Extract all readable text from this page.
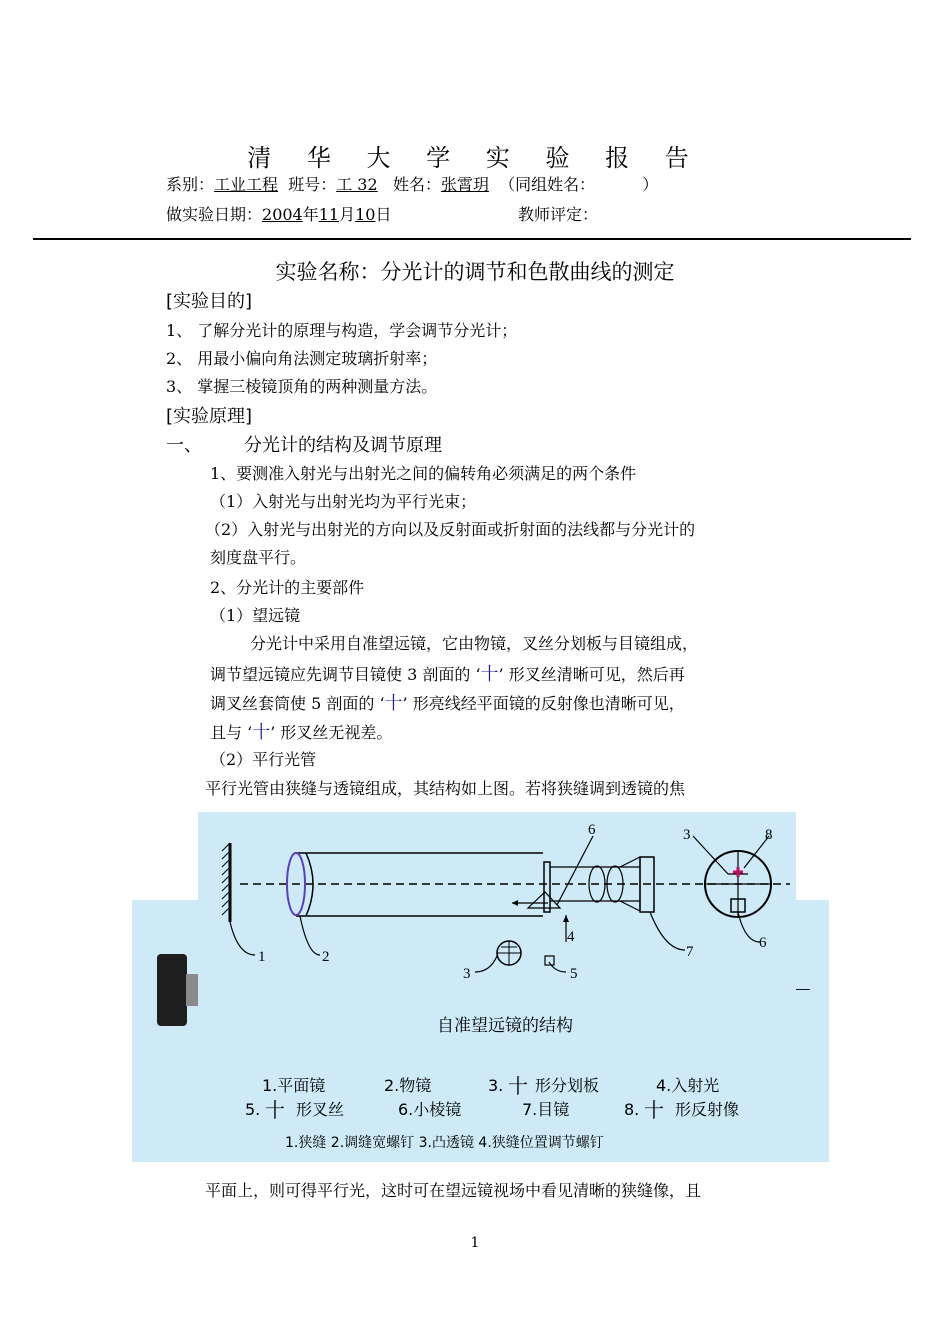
清 华 大 学 实 验 报 告
系别：工业工程 班号：工 32 姓名：张霄玥 （同组姓名：	）
做实验日期：2004年11月10日	教师评定：
实验名称：分光计的调节和色散曲线的测定
[实验目的]
1、 了解分光计的原理与构造，学会调节分光计；
2、 用最小偏向角法测定玻璃折射率；
3、 掌握三棱镜顶角的两种测量方法。
[实验原理]
一、 分光计的结构及调节原理
1、要测准入射光与出射光之间的偏转角必须满足的两个条件
（1）入射光与出射光均为平行光束；
（2）入射光与出射光的方向以及反射面或折射面的法线都与分光计的
刻度盘平行。
2、分光计的主要部件
（1）望远镜
分光计中采用自准望远镜，它由物镜，叉丝分划板与目镜组成，
调节望远镜应先调节目镜使 3 剖面的 ‘十’ 形叉丝清晰可见，然后再
调叉丝套筒使 5 剖面的 ‘十’ 形亮线经平面镜的反射像也清晰可见，
且与 ‘十’ 形叉丝无视差。
（2）平行光管
平行光管由狭缝与透镜组成，其结构如上图。若将狭缝调到透镜的焦
1	2
3
4
5
6
7
3	8
6
—
自准望远镜的结构
1.平面镜	2.物镜	3. 十 形分划板	4.入射光
5. 十 形叉丝	6.小棱镜	7.目镜	8. 十 形反射像
1.狭缝 2.调缝宽螺钉 3.凸透镜 4.狭缝位置调节螺钉
平面上，则可得平行光，这时可在望远镜视场中看见清晰的狭缝像，且
1
